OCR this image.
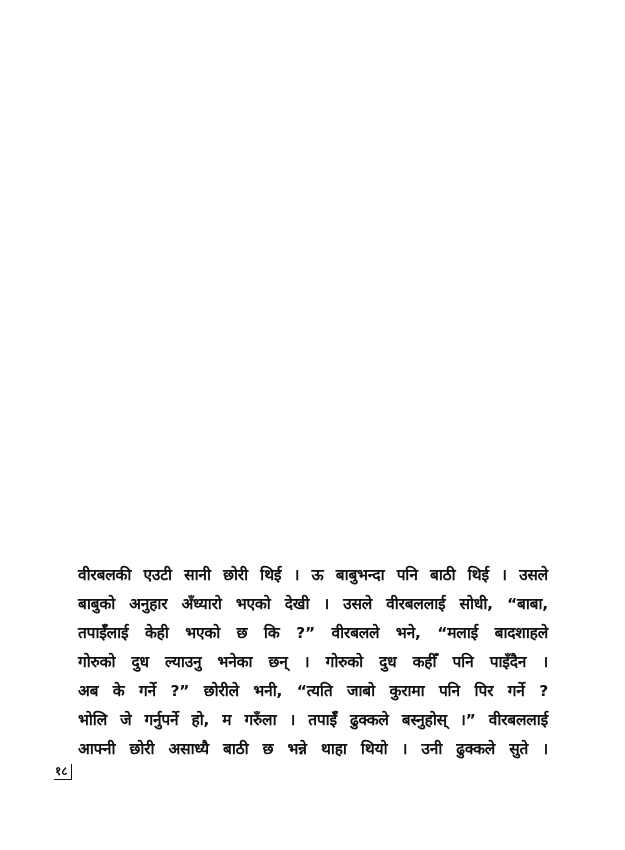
वीरबलकी एउटी सानी छोरी थिई । ऊ बाबुभन्दा पनि बाठी थिई । उसले
बाबुको अनुहार अँध्यारो भएको देखी । उसले वीरबललाई सोधी, “बाबा,
तपाईँलाई केही भएको छ कि ?” वीरबलले भने, “मलाई बादशाहले
गोरुको दुध ल्याउनु भनेका छन् । गोरुको दुध कहीँ पनि पाइँदैन ।
अब के गर्ने ?” छोरीले भनी, “त्यति जाबो कुरामा पनि पिर गर्ने ?
भोलि जे गर्नुपर्ने हो, म गरुँला । तपाईँ ढुक्कले बस्नुहोस् ।” वीरबललाई
आफ्नी छोरी असाध्यै बाठी छ भन्ने थाहा थियो । उनी ढुक्कले सुते ।
१८
